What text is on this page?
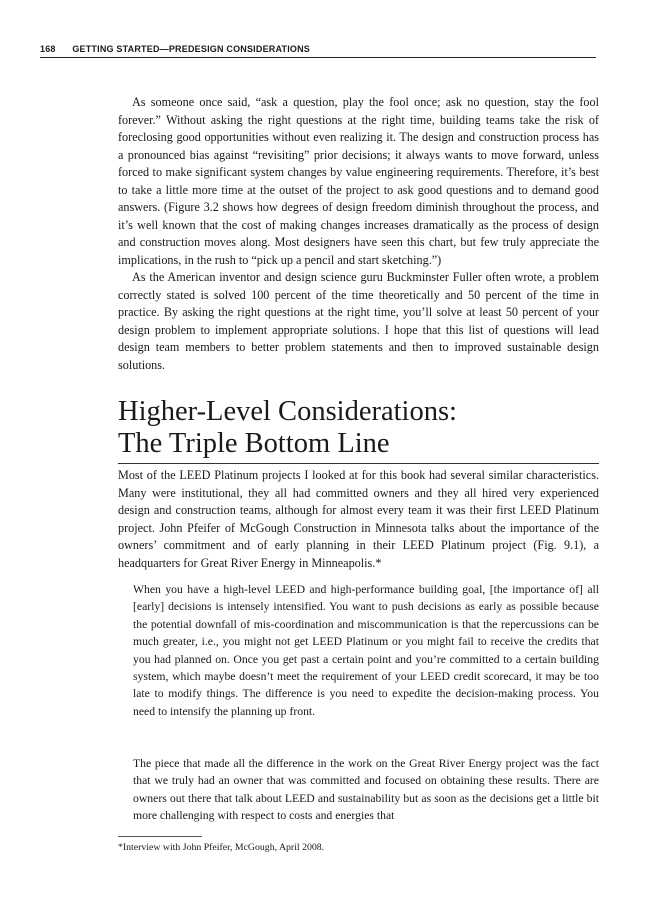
168 GETTING STARTED—PREDESIGN CONSIDERATIONS

As someone once said, “ask a question, play the fool once; ask no question, stay the fool forever.” Without asking the right questions at the right time, building teams take the risk of foreclosing good opportunities without even realizing it. The design and construction process has a pronounced bias against “revisiting” prior decisions; it always wants to move forward, unless forced to make significant system changes by value engineering requirements. Therefore, it’s best to take a little more time at the outset of the project to ask good questions and to demand good answers. (Figure 3.2 shows how degrees of design freedom diminish throughout the process, and it’s well known that the cost of making changes increases dramatically as the process of design and construction moves along. Most designers have seen this chart, but few truly appreciate the implications, in the rush to “pick up a pencil and start sketching.”)

As the American inventor and design science guru Buckminster Fuller often wrote, a problem correctly stated is solved 100 percent of the time theoretically and 50 percent of the time in practice. By asking the right questions at the right time, you’ll solve at least 50 percent of your design problem to implement appropriate solutions. I hope that this list of questions will lead design team members to better problem statements and then to improved sustainable design solutions.

Higher-Level Considerations:
The Triple Bottom Line

Most of the LEED Platinum projects I looked at for this book had several similar characteristics. Many were institutional, they all had committed owners and they all hired very experienced design and construction teams, although for almost every team it was their first LEED Platinum project. John Pfeifer of McGough Construction in Minnesota talks about the importance of the owners’ commitment and of early planning in their LEED Platinum project (Fig. 9.1), a headquarters for Great River Energy in Minneapolis.*

When you have a high-level LEED and high-performance building goal, [the importance of] all [early] decisions is intensely intensified. You want to push decisions as early as possible because the potential downfall of mis-coordination and miscommunication is that the repercussions can be much greater, i.e., you might not get LEED Platinum or you might fail to receive the credits that you had planned on. Once you get past a certain point and you’re committed to a certain building system, which maybe doesn’t meet the requirement of your LEED credit scorecard, it may be too late to modify things. The difference is you need to expedite the decision-making process. You need to intensify the planning up front.

The piece that made all the difference in the work on the Great River Energy project was the fact that we truly had an owner that was committed and focused on obtaining these results. There are owners out there that talk about LEED and sustainability but as soon as the decisions get a little bit more challenging with respect to costs and energies that

*Interview with John Pfeifer, McGough, April 2008.
